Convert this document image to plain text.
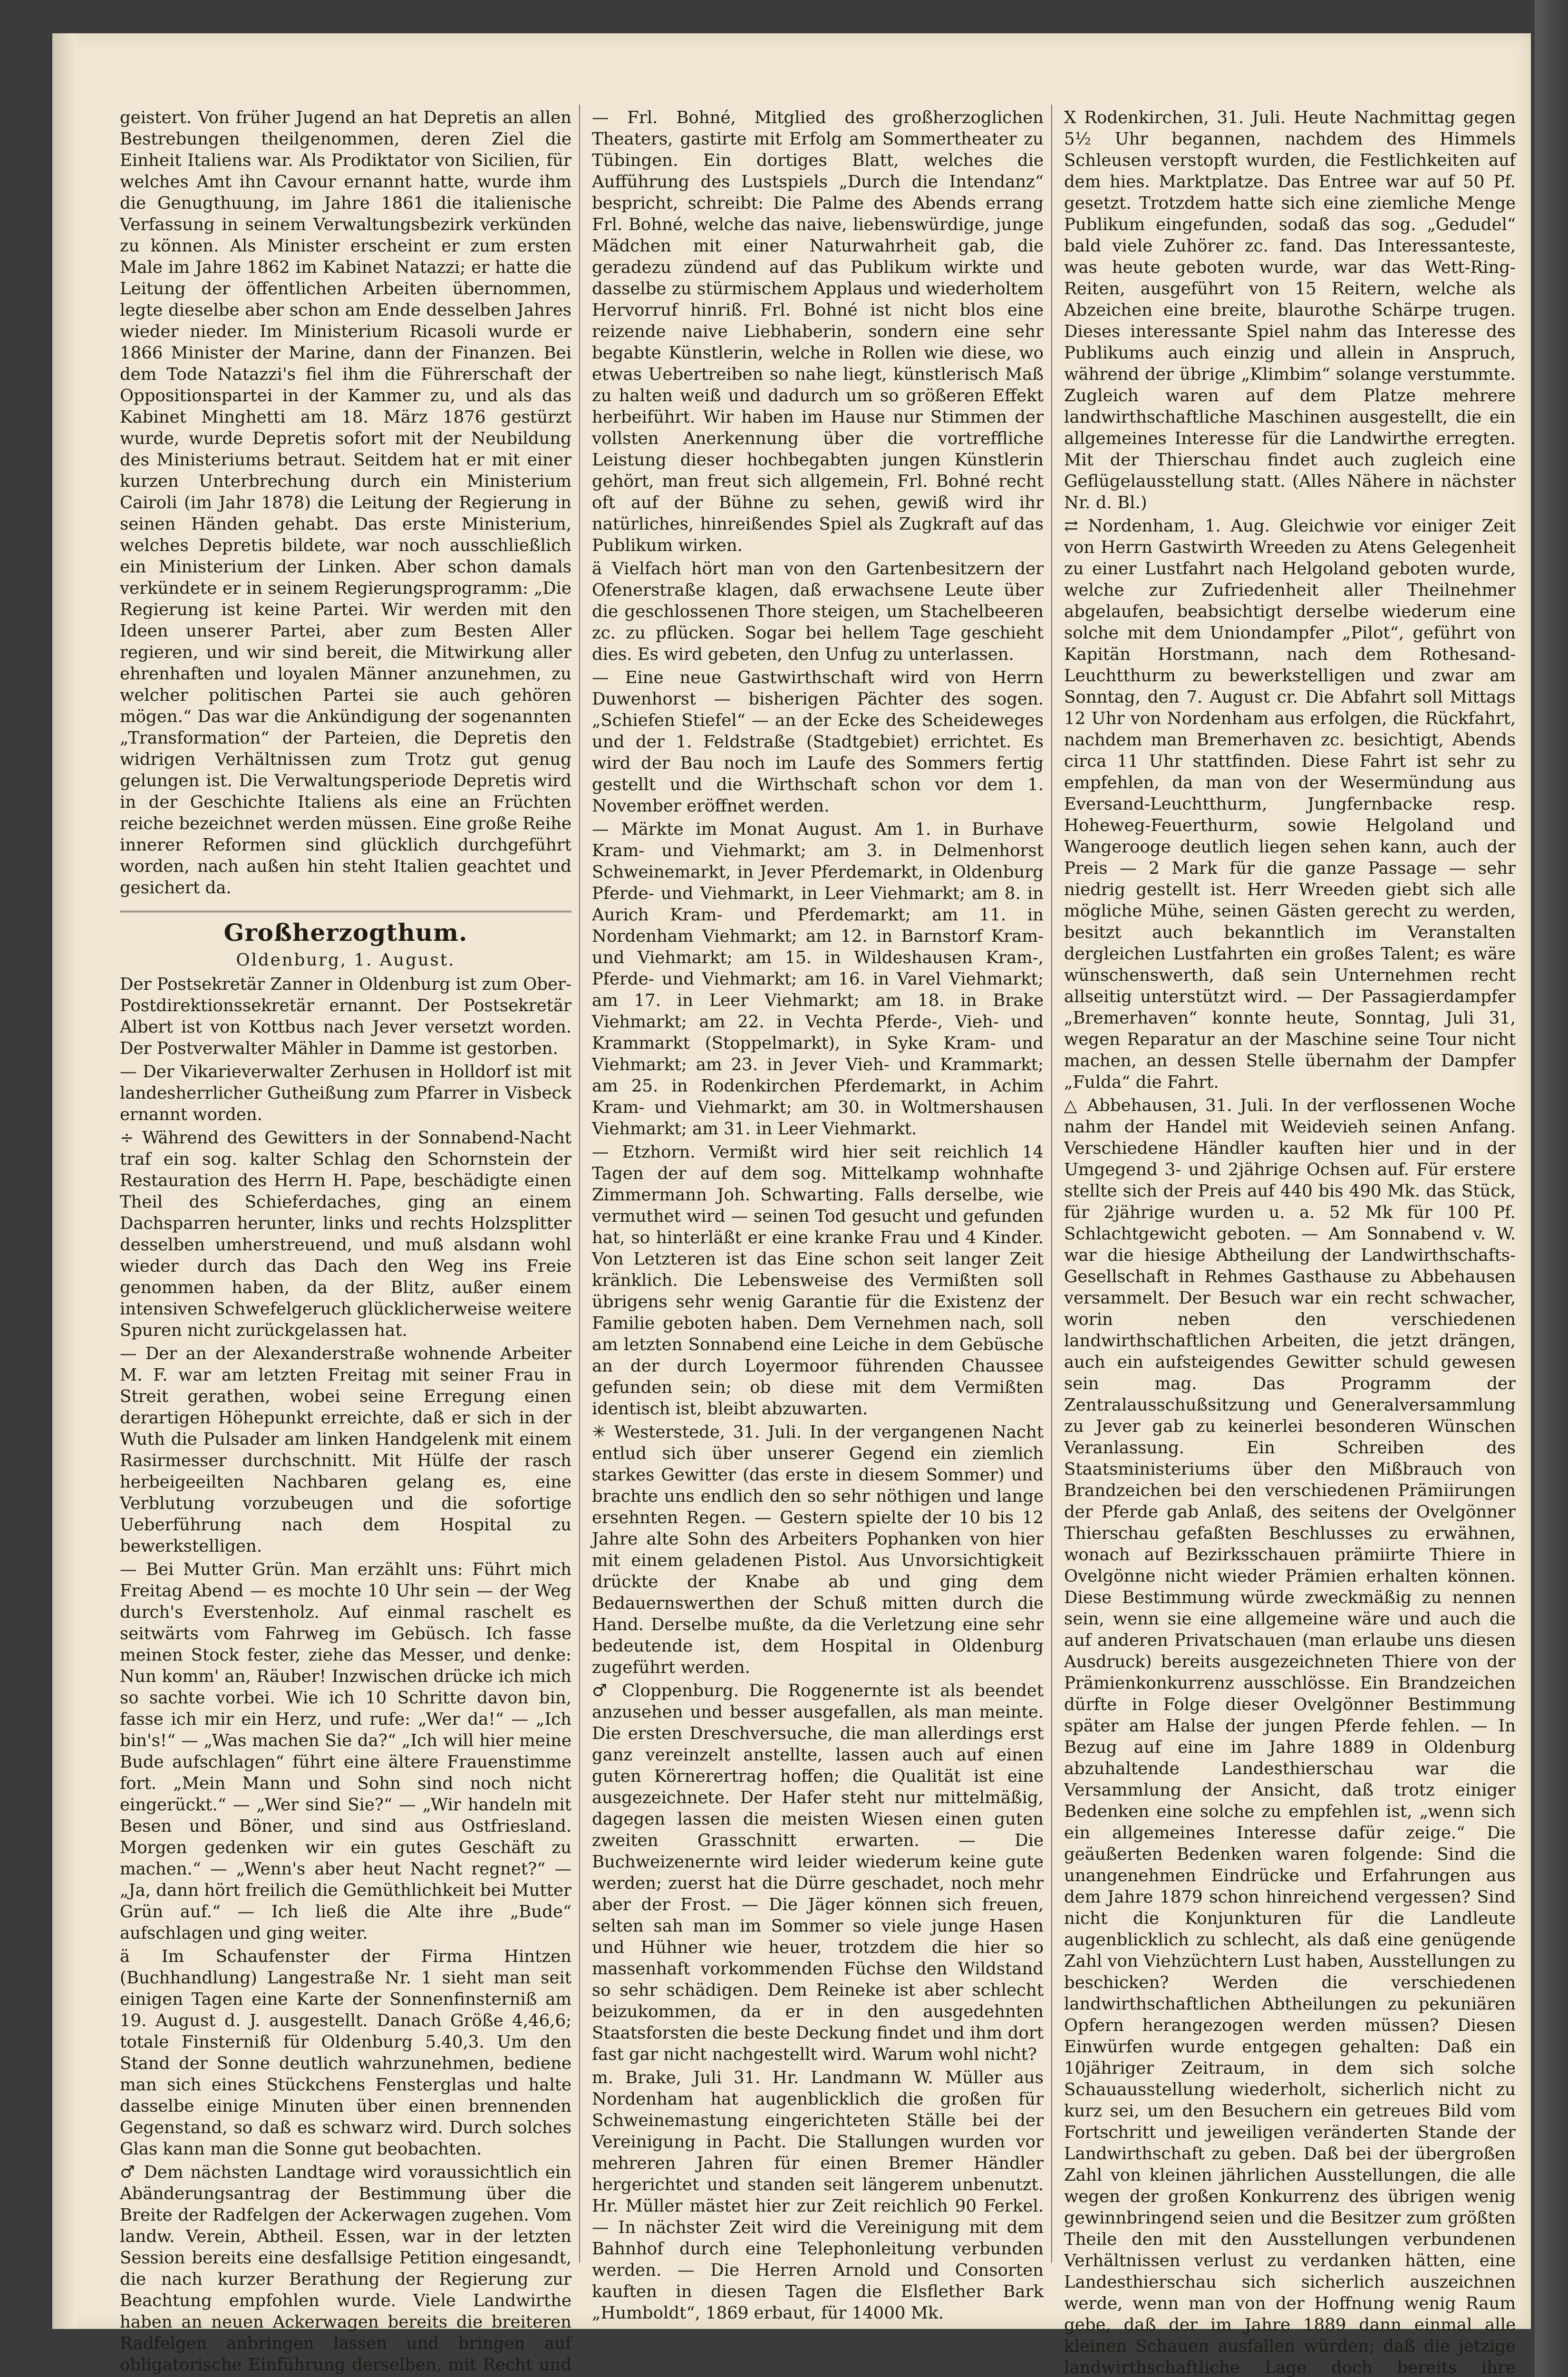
geistert. Von früher Jugend an hat Depretis an allen Bestrebungen theilgenommen, deren Ziel die Einheit Italiens war. Als Prodiktator von Sicilien, für welches Amt ihn Cavour ernannt hatte, wurde ihm die Genugthuung, im Jahre 1861 die italienische Verfassung in seinem Verwaltungsbezirk verkünden zu können. Als Minister erscheint er zum ersten Male im Jahre 1862 im Kabinet Natazzi; er hatte die Leitung der öffentlichen Arbeiten übernommen, legte dieselbe aber schon am Ende desselben Jahres wieder nieder. Im Ministerium Ricasoli wurde er 1866 Minister der Marine, dann der Finanzen. Bei dem Tode Natazzi's fiel ihm die Führerschaft der Oppositionspartei in der Kammer zu, und als das Kabinet Minghetti am 18. März 1876 gestürzt wurde, wurde Depretis sofort mit der Neubildung des Ministeriums betraut. Seitdem hat er mit einer kurzen Unterbrechung durch ein Ministerium Cairoli (im Jahr 1878) die Leitung der Regierung in seinen Händen gehabt. Das erste Ministerium, welches Depretis bildete, war noch ausschließlich ein Ministerium der Linken. Aber schon damals verkündete er in seinem Regierungsprogramm: „Die Regierung ist keine Partei. Wir werden mit den Ideen unserer Partei, aber zum Besten Aller regieren, und wir sind bereit, die Mitwirkung aller ehrenhaften und loyalen Männer anzunehmen, zu welcher politischen Partei sie auch gehören mögen.“ Das war die Ankündigung der sogenannten „Transformation“ der Parteien, die Depretis den widrigen Verhältnissen zum Trotz gut genug gelungen ist. Die Verwaltungsperiode Depretis wird in der Geschichte Italiens als eine an Früchten reiche bezeichnet werden müssen. Eine große Reihe innerer Reformen sind glücklich durchgeführt worden, nach außen hin steht Italien geachtet und gesichert da.

Großherzogthum.
Oldenburg, 1. August.

Der Postsekretär Zanner in Oldenburg ist zum Ober-Postdirektionssekretär ernannt. Der Postsekretär Albert ist von Kottbus nach Jever versetzt worden. Der Postverwalter Mähler in Damme ist gestorben.

— Der Vikarieverwalter Zerhusen in Holldorf ist mit landesherrlicher Gutheißung zum Pfarrer in Visbeck ernannt worden.

÷ Während des Gewitters in der Sonnabend-Nacht traf ein sog. kalter Schlag den Schornstein der Restauration des Herrn H. Pape, beschädigte einen Theil des Schieferdaches, ging an einem Dachsparren herunter, links und rechts Holzsplitter desselben umherstreuend, und muß alsdann wohl wieder durch das Dach den Weg ins Freie genommen haben, da der Blitz, außer einem intensiven Schwefelgeruch glücklicherweise weitere Spuren nicht zurückgelassen hat.

— Der an der Alexanderstraße wohnende Arbeiter M. F. war am letzten Freitag mit seiner Frau in Streit gerathen, wobei seine Erregung einen derartigen Höhepunkt erreichte, daß er sich in der Wuth die Pulsader am linken Handgelenk mit einem Rasirmesser durchschnitt. Mit Hülfe der rasch herbeigeeilten Nachbaren gelang es, eine Verblutung vorzubeugen und die sofortige Ueberführung nach dem Hospital zu bewerkstelligen.

— Bei Mutter Grün. Man erzählt uns: Führt mich Freitag Abend — es mochte 10 Uhr sein — der Weg durch's Everstenholz. Auf einmal raschelt es seitwärts vom Fahrweg im Gebüsch. Ich fasse meinen Stock fester, ziehe das Messer, und denke: Nun komm' an, Räuber! Inzwischen drücke ich mich so sachte vorbei. Wie ich 10 Schritte davon bin, fasse ich mir ein Herz, und rufe: „Wer da!“ — „Ich bin's!“ — „Was machen Sie da?“ „Ich will hier meine Bude aufschlagen“ führt eine ältere Frauenstimme fort. „Mein Mann und Sohn sind noch nicht eingerückt.“ — „Wer sind Sie?“ — „Wir handeln mit Besen und Böner, und sind aus Ostfriesland. Morgen gedenken wir ein gutes Geschäft zu machen.“ — „Wenn's aber heut Nacht regnet?“ — „Ja, dann hört freilich die Gemüthlichkeit bei Mutter Grün auf.“ — Ich ließ die Alte ihre „Bude“ aufschlagen und ging weiter.

ä Im Schaufenster der Firma Hintzen (Buchhandlung) Langestraße Nr. 1 sieht man seit einigen Tagen eine Karte der Sonnenfinsterniß am 19. August d. J. ausgestellt. Danach Größe 4,46,6; totale Finsterniß für Oldenburg 5.40,3. Um den Stand der Sonne deutlich wahrzunehmen, bediene man sich eines Stückchens Fensterglas und halte dasselbe einige Minuten über einen brennenden Gegenstand, so daß es schwarz wird. Durch solches Glas kann man die Sonne gut beobachten.

♂ Dem nächsten Landtage wird voraussichtlich ein Abänderungsantrag der Bestimmung über die Breite der Radfelgen der Ackerwagen zugehen. Vom landw. Verein, Abtheil. Essen, war in der letzten Session bereits eine desfallsige Petition eingesandt, die nach kurzer Berathung der Regierung zur Beachtung empfohlen wurde. Viele Landwirthe haben an neuen Ackerwagen bereits die breiteren Radfelgen anbringen lassen und bringen auf obligatorische Einführung derselben, mit Recht und

— Frl. Bohné, Mitglied des großherzoglichen Theaters, gastirte mit Erfolg am Sommertheater zu Tübingen. Ein dortiges Blatt, welches die Aufführung des Lustspiels „Durch die Intendanz“ bespricht, schreibt: Die Palme des Abends errang Frl. Bohné, welche das naive, liebenswürdige, junge Mädchen mit einer Naturwahrheit gab, die geradezu zündend auf das Publikum wirkte und dasselbe zu stürmischem Applaus und wiederholtem Hervorruf hinriß. Frl. Bohné ist nicht blos eine reizende naive Liebhaberin, sondern eine sehr begabte Künstlerin, welche in Rollen wie diese, wo etwas Uebertreiben so nahe liegt, künstlerisch Maß zu halten weiß und dadurch um so größeren Effekt herbeiführt. Wir haben im Hause nur Stimmen der vollsten Anerkennung über die vortreffliche Leistung dieser hochbegabten jungen Künstlerin gehört, man freut sich allgemein, Frl. Bohné recht oft auf der Bühne zu sehen, gewiß wird ihr natürliches, hinreißendes Spiel als Zugkraft auf das Publikum wirken.

ä Vielfach hört man von den Gartenbesitzern der Ofenerstraße klagen, daß erwachsene Leute über die geschlossenen Thore steigen, um Stachelbeeren zc. zu pflücken. Sogar bei hellem Tage geschieht dies. Es wird gebeten, den Unfug zu unterlassen.

— Eine neue Gastwirthschaft wird von Herrn Duwenhorst — bisherigen Pächter des sogen. „Schiefen Stiefel“ — an der Ecke des Scheideweges und der 1. Feldstraße (Stadtgebiet) errichtet. Es wird der Bau noch im Laufe des Sommers fertig gestellt und die Wirthschaft schon vor dem 1. November eröffnet werden.

— Märkte im Monat August. Am 1. in Burhave Kram- und Viehmarkt; am 3. in Delmenhorst Schweinemarkt, in Jever Pferdemarkt, in Oldenburg Pferde- und Viehmarkt, in Leer Viehmarkt; am 8. in Aurich Kram- und Pferdemarkt; am 11. in Nordenham Viehmarkt; am 12. in Barnstorf Kram- und Viehmarkt; am 15. in Wildeshausen Kram-, Pferde- und Viehmarkt; am 16. in Varel Viehmarkt; am 17. in Leer Viehmarkt; am 18. in Brake Viehmarkt; am 22. in Vechta Pferde-, Vieh- und Krammarkt (Stoppelmarkt), in Syke Kram- und Viehmarkt; am 23. in Jever Vieh- und Krammarkt; am 25. in Rodenkirchen Pferdemarkt, in Achim Kram- und Viehmarkt; am 30. in Woltmershausen Viehmarkt; am 31. in Leer Viehmarkt.

— Etzhorn. Vermißt wird hier seit reichlich 14 Tagen der auf dem sog. Mittelkamp wohnhafte Zimmermann Joh. Schwarting. Falls derselbe, wie vermuthet wird — seinen Tod gesucht und gefunden hat, so hinterläßt er eine kranke Frau und 4 Kinder. Von Letzteren ist das Eine schon seit langer Zeit kränklich. Die Lebensweise des Vermißten soll übrigens sehr wenig Garantie für die Existenz der Familie geboten haben. Dem Vernehmen nach, soll am letzten Sonnabend eine Leiche in dem Gebüsche an der durch Loyermoor führenden Chaussee gefunden sein; ob diese mit dem Vermißten identisch ist, bleibt abzuwarten.

✳ Westerstede, 31. Juli. In der vergangenen Nacht entlud sich über unserer Gegend ein ziemlich starkes Gewitter (das erste in diesem Sommer) und brachte uns endlich den so sehr nöthigen und lange ersehnten Regen. — Gestern spielte der 10 bis 12 Jahre alte Sohn des Arbeiters Pophanken von hier mit einem geladenen Pistol. Aus Unvorsichtigkeit drückte der Knabe ab und ging dem Bedauernswerthen der Schuß mitten durch die Hand. Derselbe mußte, da die Verletzung eine sehr bedeutende ist, dem Hospital in Oldenburg zugeführt werden.

♂ Cloppenburg. Die Roggenernte ist als beendet anzusehen und besser ausgefallen, als man meinte. Die ersten Dreschversuche, die man allerdings erst ganz vereinzelt anstellte, lassen auch auf einen guten Körnerertrag hoffen; die Qualität ist eine ausgezeichnete. Der Hafer steht nur mittelmäßig, dagegen lassen die meisten Wiesen einen guten zweiten Grasschnitt erwarten. — Die Buchweizenernte wird leider wiederum keine gute werden; zuerst hat die Dürre geschadet, noch mehr aber der Frost. — Die Jäger können sich freuen, selten sah man im Sommer so viele junge Hasen und Hühner wie heuer, trotzdem die hier so massenhaft vorkommenden Füchse den Wildstand so sehr schädigen. Dem Reineke ist aber schlecht beizukommen, da er in den ausgedehnten Staatsforsten die beste Deckung findet und ihm dort fast gar nicht nachgestellt wird. Warum wohl nicht?

m. Brake, Juli 31. Hr. Landmann W. Müller aus Nordenham hat augenblicklich die großen für Schweinemastung eingerichteten Ställe bei der Vereinigung in Pacht. Die Stallungen wurden vor mehreren Jahren für einen Bremer Händler hergerichtet und standen seit längerem unbenutzt. Hr. Müller mästet hier zur Zeit reichlich 90 Ferkel. — In nächster Zeit wird die Vereinigung mit dem Bahnhof durch eine Telephonleitung verbunden werden. — Die Herren Arnold und Consorten kauften in diesen Tagen die Elsflether Bark „Humboldt“, 1869 erbaut, für 14000 Mk.

X Rodenkirchen, 31. Juli. Heute Nachmittag gegen 5½ Uhr begannen, nachdem des Himmels Schleusen verstopft wurden, die Festlichkeiten auf dem hies. Marktplatze. Das Entree war auf 50 Pf. gesetzt. Trotzdem hatte sich eine ziemliche Menge Publikum eingefunden, sodaß das sog. „Gedudel“ bald viele Zuhörer zc. fand. Das Interessanteste, was heute geboten wurde, war das Wett-Ring-Reiten, ausgeführt von 15 Reitern, welche als Abzeichen eine breite, blaurothe Schärpe trugen. Dieses interessante Spiel nahm das Interesse des Publikums auch einzig und allein in Anspruch, während der übrige „Klimbim“ solange verstummte. Zugleich waren auf dem Platze mehrere landwirthschaftliche Maschinen ausgestellt, die ein allgemeines Interesse für die Landwirthe erregten. Mit der Thierschau findet auch zugleich eine Geflügelausstellung statt. (Alles Nähere in nächster Nr. d. Bl.)

⇄ Nordenham, 1. Aug. Gleichwie vor einiger Zeit von Herrn Gastwirth Wreeden zu Atens Gelegenheit zu einer Lustfahrt nach Helgoland geboten wurde, welche zur Zufriedenheit aller Theilnehmer abgelaufen, beabsichtigt derselbe wiederum eine solche mit dem Uniondampfer „Pilot“, geführt von Kapitän Horstmann, nach dem Rothesand-Leuchtthurm zu bewerkstelligen und zwar am Sonntag, den 7. August cr. Die Abfahrt soll Mittags 12 Uhr von Nordenham aus erfolgen, die Rückfahrt, nachdem man Bremerhaven zc. besichtigt, Abends circa 11 Uhr stattfinden. Diese Fahrt ist sehr zu empfehlen, da man von der Wesermündung aus Eversand-Leuchtthurm, Jungfernbacke resp. Hoheweg-Feuerthurm, sowie Helgoland und Wangerooge deutlich liegen sehen kann, auch der Preis — 2 Mark für die ganze Passage — sehr niedrig gestellt ist. Herr Wreeden giebt sich alle mögliche Mühe, seinen Gästen gerecht zu werden, besitzt auch bekanntlich im Veranstalten dergleichen Lustfahrten ein großes Talent; es wäre wünschenswerth, daß sein Unternehmen recht allseitig unterstützt wird. — Der Passagierdampfer „Bremerhaven“ konnte heute, Sonntag, Juli 31, wegen Reparatur an der Maschine seine Tour nicht machen, an dessen Stelle übernahm der Dampfer „Fulda“ die Fahrt.

△ Abbehausen, 31. Juli. In der verflossenen Woche nahm der Handel mit Weidevieh seinen Anfang. Verschiedene Händler kauften hier und in der Umgegend 3- und 2jährige Ochsen auf. Für erstere stellte sich der Preis auf 440 bis 490 Mk. das Stück, für 2jährige wurden u. a. 52 Mk für 100 Pf. Schlachtgewicht geboten. — Am Sonnabend v. W. war die hiesige Abtheilung der Landwirthschafts-Gesellschaft in Rehmes Gasthause zu Abbehausen versammelt. Der Besuch war ein recht schwacher, worin neben den verschiedenen landwirthschaftlichen Arbeiten, die jetzt drängen, auch ein aufsteigendes Gewitter schuld gewesen sein mag. Das Programm der Zentralausschußsitzung und Generalversammlung zu Jever gab zu keinerlei besonderen Wünschen Veranlassung. Ein Schreiben des Staatsministeriums über den Mißbrauch von Brandzeichen bei den verschiedenen Prämiirungen der Pferde gab Anlaß, des seitens der Ovelgönner Thierschau gefaßten Beschlusses zu erwähnen, wonach auf Bezirksschauen prämiirte Thiere in Ovelgönne nicht wieder Prämien erhalten können. Diese Bestimmung würde zweckmäßig zu nennen sein, wenn sie eine allgemeine wäre und auch die auf anderen Privatschauen (man erlaube uns diesen Ausdruck) bereits ausgezeichneten Thiere von der Prämienkonkurrenz ausschlösse. Ein Brandzeichen dürfte in Folge dieser Ovelgönner Bestimmung später am Halse der jungen Pferde fehlen. — In Bezug auf eine im Jahre 1889 in Oldenburg abzuhaltende Landesthierschau war die Versammlung der Ansicht, daß trotz einiger Bedenken eine solche zu empfehlen ist, „wenn sich ein allgemeines Interesse dafür zeige.“ Die geäußerten Bedenken waren folgende: Sind die unangenehmen Eindrücke und Erfahrungen aus dem Jahre 1879 schon hinreichend vergessen? Sind nicht die Konjunkturen für die Landleute augenblicklich zu schlecht, als daß eine genügende Zahl von Viehzüchtern Lust haben, Ausstellungen zu beschicken? Werden die verschiedenen landwirthschaftlichen Abtheilungen zu pekuniären Opfern herangezogen werden müssen? Diesen Einwürfen wurde entgegen gehalten: Daß ein 10jähriger Zeitraum, in dem sich solche Schauausstellung wiederholt, sicherlich nicht zu kurz sei, um den Besuchern ein getreues Bild vom Fortschritt und jeweiligen veränderten Stande der Landwirthschaft zu geben. Daß bei der übergroßen Zahl von kleinen jährlichen Ausstellungen, die alle wegen der großen Konkurrenz des übrigen wenig gewinnbringend seien und die Besitzer zum größten Theile den mit den Ausstellungen verbundenen Verhältnissen verlust zu verdanken hätten, eine Landesthierschau sich sicherlich auszeichnen werde, wenn man von der Hoffnung wenig Raum gebe, daß der im Jahre 1889 dann einmal alle kleinen Schauen ausfallen würden; daß die jetzige landwirthschaftliche Lage doch bereits ihre
